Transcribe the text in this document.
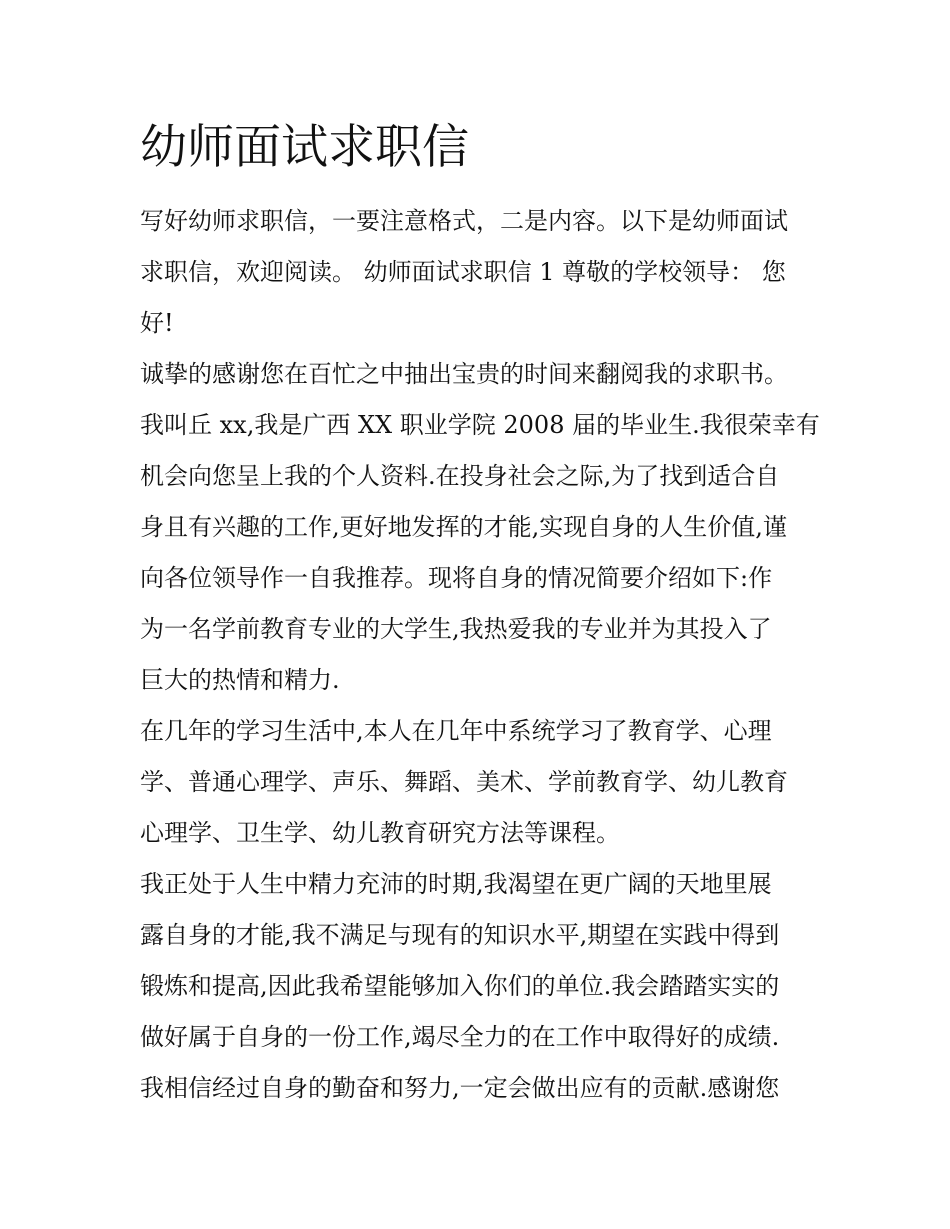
幼师面试求职信
写好幼师求职信，一要注意格式，二是内容。以下是幼师面试
求职信，欢迎阅读。 幼师面试求职信 1 尊敬的学校领导： 您
好!
诚挚的感谢您在百忙之中抽出宝贵的时间来翻阅我的求职书。
我叫丘 xx,我是广西 XX 职业学院 2008 届的毕业生.我很荣幸有
机会向您呈上我的个人资料.在投身社会之际,为了找到适合自
身且有兴趣的工作,更好地发挥的才能,实现自身的人生价值,谨
向各位领导作一自我推荐。现将自身的情况简要介绍如下:作
为一名学前教育专业的大学生,我热爱我的专业并为其投入了
巨大的热情和精力.
在几年的学习生活中,本人在几年中系统学习了教育学、心理
学、普通心理学、声乐、舞蹈、美术、学前教育学、幼儿教育
心理学、卫生学、幼儿教育研究方法等课程。
我正处于人生中精力充沛的时期,我渴望在更广阔的天地里展
露自身的才能,我不满足与现有的知识水平,期望在实践中得到
锻炼和提高,因此我希望能够加入你们的单位.我会踏踏实实的
做好属于自身的一份工作,竭尽全力的在工作中取得好的成绩.
我相信经过自身的勤奋和努力,一定会做出应有的贡献.感谢您
